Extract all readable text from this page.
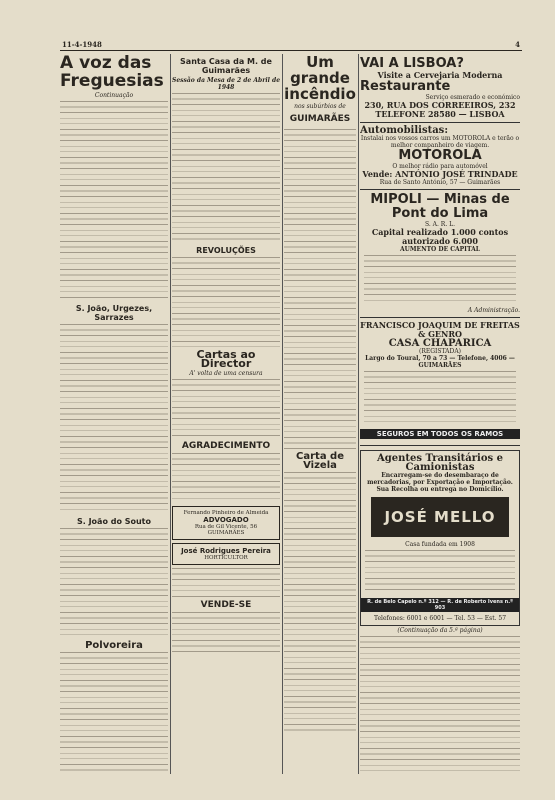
11-4-1948	4
A voz das Freguesias
Continuação
S. João, Urgezes, Sarrazes
S. João do Souto
Polvoreira
Santa Casa da M. de Guimarães
Sessão da Mesa de 2 de Abril de 1948
REVOLUÇÕES
Cartas ao Director
A' volta de uma censura
AGRADECIMENTO
Fernando Pinheiro de Almeida
ADVOGADO
Rua de Gil Vicente, 56
GUIMARÃES
José Rodrigues Pereira
HORTICULTOR
VENDE-SE
Um grande
incêndio
nos subúrbios de
GUIMARÃES
Carta de Vizela
VAI A LISBOA?
Visite a Cervejaria Moderna
Restaurante
Serviço esmerado e económico
230, RUA DOS CORREEIROS, 232
TELEFONE 28580 — LISBOA
Automobilistas:
Instalai nos vossos carros um MOTOROLA e terão o melhor companheiro de viagem.
MOTOROLA
O melhor rádio para automóvel
Vende: ANTÓNIO JOSÉ TRINDADE
Rua de Santo António, 57 — Guimarães
MIPOLI — Minas de Pont do Lima
S. A. R. L.
Capital realizado 1.000 contos
autorizado 6.000
AUMENTO DE CAPITAL
A Administração.
FRANCISCO JOAQUIM DE FREITAS & GENRO
CASA CHAPARICA
(REGISTADA)
Largo do Toural, 70 a 73 — Telefone, 4006 — GUIMARÃES
SEGUROS EM TODOS OS RAMOS
Agentes Transitários e Camionistas
Encarregam-se do desembaraço de mercadorias, por Exportação e Importação. Sua Recolha ou entrega no Domicílio.
JOSÉ MELLO
Casa fundada em 1908
R. de Belo Capelo n.º 312 — R. de Roberto Ivens n.º 903
Telefones: 6001 e 6001 — Tel. 53 — Est. 57
(Continuação da 5.ª página)
